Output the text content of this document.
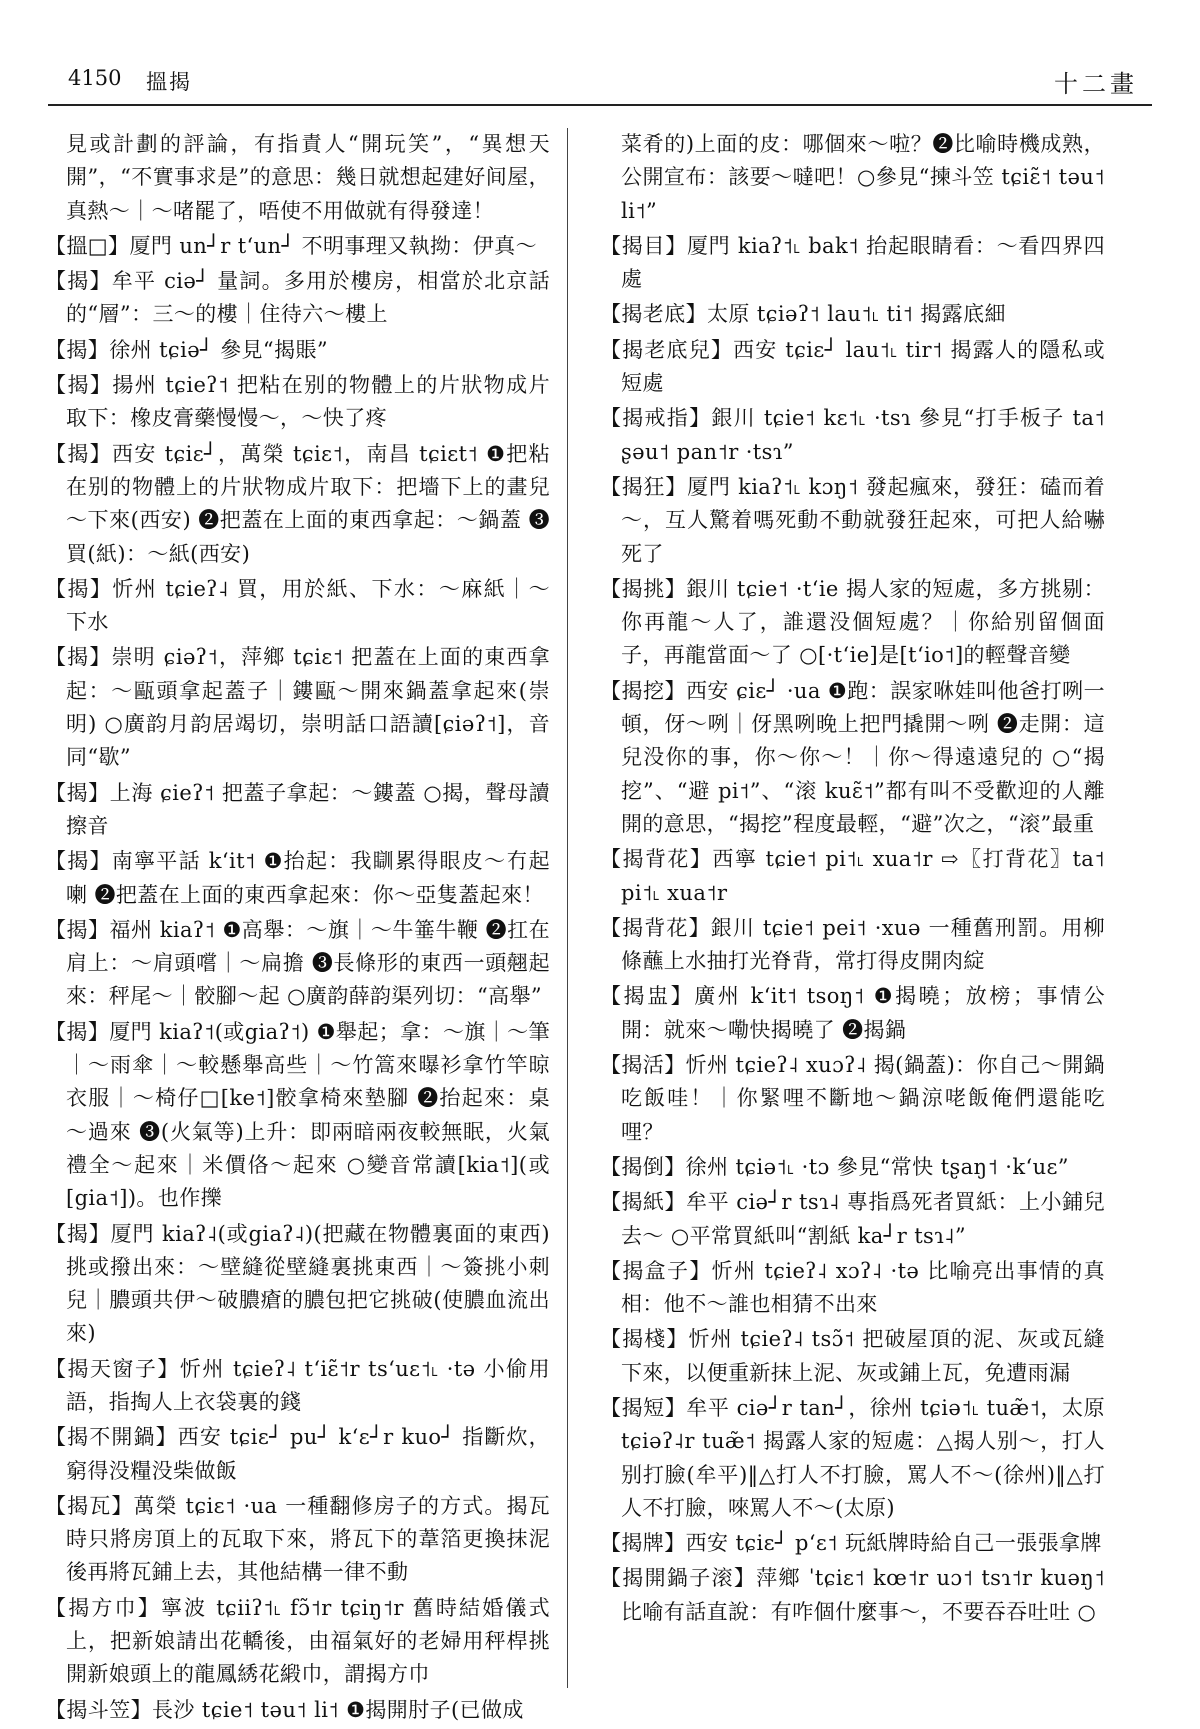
4150 搵揭	十二畫

見或計劃的評論，有指責人“開玩笑”，“異想天開”，“不實事求是”的意思：幾日就想起建好间屋，真熱～｜～啫罷了，唔使不用做就有得發達！

【搵□】厦門 un┘r tʻun┘ 不明事理又執拗：伊真～

【揭】牟平 ciə┘ 量詞。多用於樓房，相當於北京話的“層”：三～的樓｜住待六～樓上

【揭】徐州 tɕiə┘ 參見“揭賬”

【揭】揚州 tɕieʔ˦ 把粘在别的物體上的片狀物成片取下：橡皮膏藥慢慢～，～快了疼

【揭】西安 tɕiɛ┘，萬榮 tɕiɛ˦，南昌 tɕiɛt˦ ❶把粘在别的物體上的片狀物成片取下：把墻下上的畫兒～下來(西安) ❷把蓋在上面的東西拿起：～鍋蓋 ❸買(紙)：～紙(西安)

【揭】忻州 tɕieʔ˨ 買，用於紙、下水：～麻紙｜～下水

【揭】崇明 ɕiəʔ˦，萍鄉 tɕiɛ˦ 把蓋在上面的東西拿起：～甌頭拿起蓋子｜鏤甌～開來鍋蓋拿起來(崇明) ○廣韵月韵居竭切，崇明話口語讀[ɕiəʔ˦]，音同“歇”

【揭】上海 ɕieʔ˦ 把蓋子拿起：～鏤蓋 ○揭，聲母讀擦音

【揭】南寧平話 kʻit˦ ❶抬起：我瞓累得眼皮～冇起喇 ❷把蓋在上面的東西拿起來：你～亞隻蓋起來！

【揭】福州 kiaʔ˦ ❶高舉：～旗｜～牛箠牛鞭 ❷扛在肩上：～肩頭嚐｜～扁擔 ❸長條形的東西一頭翹起來：秤尾～｜骹腳～起 ○廣韵薛韵渠列切：“高舉”

【揭】厦門 kiaʔ˦(或giaʔ˦) ❶舉起；拿：～旗｜～筆｜～雨傘｜～較懸舉高些｜～竹篙來曝衫拿竹竿晾衣服｜～椅仔□[ke˦]骹拿椅來墊腳 ❷抬起來：桌～過來 ❸(火氣等)上升：即兩暗兩夜較無眠，火氣禮全～起來｜米價佫～起來 ○變音常讀[kia˦](或[gia˦])。也作擽

【揭】厦門 kiaʔ˨(或giaʔ˨)(把藏在物體裏面的東西)挑或撥出來：～壁縫從壁縫裏挑東西｜～簽挑小刺兒｜膿頭共伊～破膿瘡的膿包把它挑破(使膿血流出來)

【揭天窗子】忻州 tɕieʔ˨ tʻiɛ̃˦r tsʻuɛ˦˪ ·tə 小偷用語，指掏人上衣袋裏的錢

【揭不開鍋】西安 tɕiɛ┘ pu┘ kʻɛ┘r kuo┘ 指斷炊，窮得没糧没柴做飯

【揭瓦】萬榮 tɕiɛ˦ ·ua 一種翻修房子的方式。揭瓦時只將房頂上的瓦取下來，將瓦下的葦箔更換抹泥後再將瓦鋪上去，其他結構一律不動

【揭方巾】寧波 tɕiiʔ˦˪ fɔ̃˦r tɕiŋ˦r 舊時結婚儀式上，把新娘請出花轎後，由福氣好的老婦用秤桿挑開新娘頭上的龍鳳綉花緞巾，謂揭方巾

【揭斗笠】長沙 tɕie˦ təu˦ li˦ ❶揭開肘子(已做成

菜肴的)上面的皮：哪個來～啦？❷比喻時機成熟，公開宣布：該要～噠吧！○參見“揀斗笠 tɕiɛ̃˦ təu˦ li˦”

【揭目】厦門 kiaʔ˦˪ bak˦ 抬起眼睛看：～看四界四處

【揭老底】太原 tɕiəʔ˦ lau˦˪ ti˦ 揭露底細

【揭老底兒】西安 tɕiɛ┘ lau˦˪ tir˦ 揭露人的隱私或短處

【揭戒指】銀川 tɕie˦ kɛ˦˪ ·tsɿ 參見“打手板子 ta˦ ʂəu˦ pan˦r ·tsɿ”

【揭狂】厦門 kiaʔ˦˪ kɔŋ˦ 發起瘋來，發狂：磕而着～，互人驚着嗎死動不動就發狂起來，可把人給嚇死了

【揭挑】銀川 tɕie˦ ·tʻie 揭人家的短處，多方挑剔：你再龍～人了，誰還没個短處？｜你給别留個面子，再龍當面～了 ○[·tʻie]是[tʻio˦]的輕聲音變

【揭挖】西安 ɕiɛ┘ ·ua ❶跑：誤家咻娃叫他爸打咧一頓，伢～咧｜伢黑咧晚上把門撬開～咧 ❷走開：這兒没你的事，你～你～！｜你～得遠遠兒的 ○“揭挖”、“避 pi˦”、“滚 kuɛ̃˦”都有叫不受歡迎的人離開的意思，“揭挖”程度最輕，“避”次之，“滚”最重

【揭背花】西寧 tɕie˦ pi˦˪ xua˦r ⇨〖打背花〗ta˦ pi˦˪ xua˦r

【揭背花】銀川 tɕie˦ pei˦ ·xuə 一種舊刑罰。用柳條蘸上水抽打光脊背，常打得皮開肉綻

【揭盅】廣州 kʻit˦ tsoŋ˦ ❶揭曉；放榜；事情公開：就來～嘞快揭曉了 ❷揭鍋

【揭活】忻州 tɕieʔ˨ xuɔʔ˨ 揭(鍋蓋)：你自己～開鍋吃飯哇！｜你緊哩不斷地～鍋涼咾飯俺們還能吃哩？

【揭倒】徐州 tɕiə˦˪ ·tɔ 參見“常快 tʂaŋ˦ ·kʻuɛ”

【揭紙】牟平 ciə┘r tsɿ˨ 專指爲死者買紙：上小鋪兒去～ ○平常買紙叫“割紙 ka┘r tsɿ˨”

【揭盒子】忻州 tɕieʔ˨ xɔʔ˨ ·tə 比喻亮出事情的真相：他不～誰也相猜不出來

【揭棧】忻州 tɕieʔ˨ tsɔ̃˦ 把破屋頂的泥、灰或瓦縫下來，以便重新抹上泥、灰或鋪上瓦，免遭雨漏

【揭短】牟平 ciə┘r tan┘，徐州 tɕiə˦˪ tuæ̃˦，太原 tɕiəʔ˨r tuæ̃˦ 揭露人家的短處：△揭人别～，打人别打臉(牟平)‖△打人不打臉，罵人不～(徐州)‖△打人不打臉，唻罵人不～(太原)

【揭牌】西安 tɕiɛ┘ pʻɛ˦ 玩紙牌時給自己一張張拿牌

【揭開鍋子滚】萍鄉 ˈtɕiɛ˦ kœ˦r uɔ˦ tsɿ˦r kuəŋ˦ 比喻有話直說：有咋個什麼事～，不要吞吞吐吐 ○
